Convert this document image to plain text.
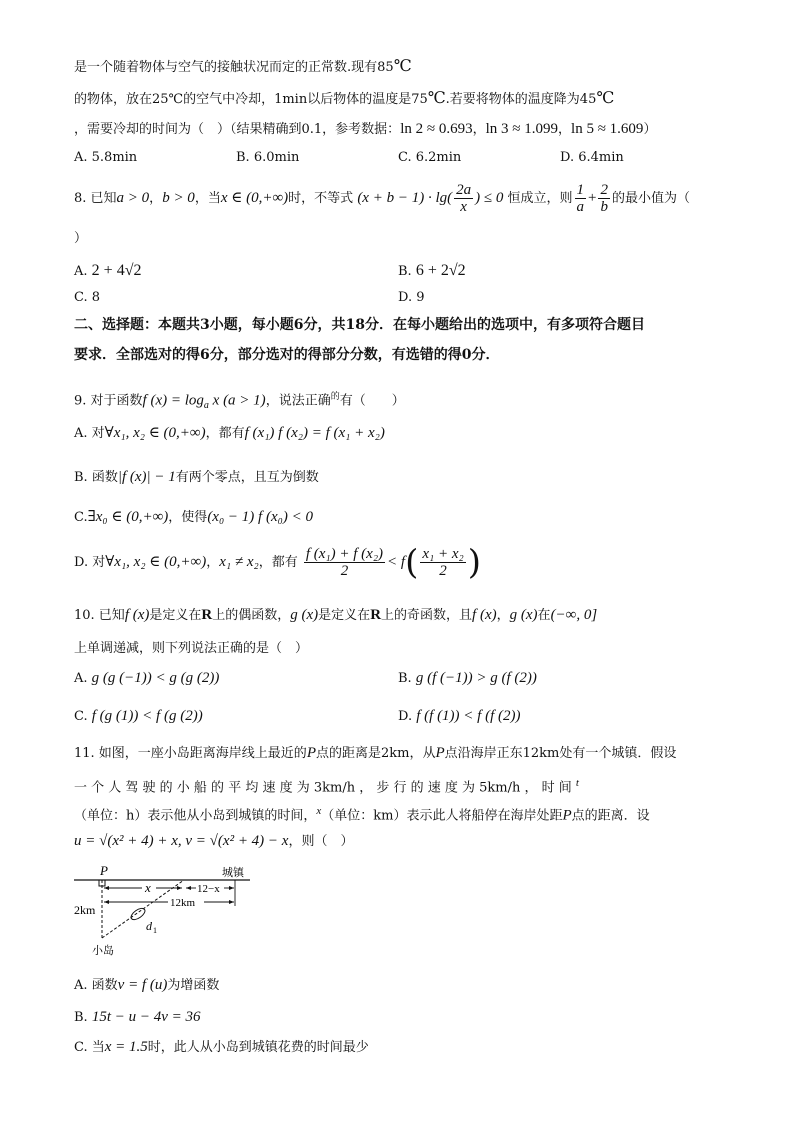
是一个随着物体与空气的接触状况而定的正常数.现有85℃
的物体，放在25℃的空气中冷却，1min以后物体的温度是75℃.若要将物体的温度降为45℃
，需要冷却的时间为（　）（结果精确到0.1，参考数据：ln 2 ≈ 0.693，ln 3 ≈ 1.099，ln 5 ≈ 1.609）
A. 5.8min	B. 6.0min	C. 6.2min	D. 6.4min
8. 已知a > 0，b > 0，当x ∈ (0,+∞)时，不等式 $(x + b - 1) \cdot \lg( \frac{2a}{x}$ ) ≤ 0 恒成立，则 $\frac{1}{a} + \frac{2}{b}$ 的最小值为（
）
A. 2 + 4√2	B. 6 + 2√2
C. 8	D. 9
二、选择题：本题共3小题，每小题6分，共18分．在每小题给出的选项中，有多项符合题目
要求．全部选对的得6分，部分选对的得部分分数，有选错的得0分．
9. 对于函数f $(x) = \log_a x$ (a > 1)，说法正确$^的$有（　　）
A. 对∀x₁, x₂ ∈ (0,+∞)，都有f (x₁) f (x₂) = f (x₁ + x₂)
B. 函数|f (x)| − 1有两个零点，且互为倒数
C.∃x₀ ∈ (0,+∞)，使得(x₀ − 1) f (x₀) < 0
D. 对∀x₁, x₂ ∈ (0,+∞)，x₁ ≠ x₂，都有 $\frac{\text{f (x₁) + f (x₂)}}{2} < f( \frac{\text{x₁ + x₂}}{2}$ )
10. 已知f (x)是定义在R上的偶函数，g (x)是定义在R上的奇函数，且f (x)，g (x)在(−∞, 0]
上单调递减，则下列说法正确的是（　）
A. g (g (−1)) < g (g (2))	B. g (f (−1)) > g (f (2))
C. f (g (1)) < f (g (2))	D. f (f (1)) < f (f (2))
11. 如图，一座小岛距离海岸线上最近的P点的距离是2km，从P点沿海岸正东12km处有一个城镇．假设
一 个 人 驾 驶 的 小 船 的 平 均 速 度 为 3km/h ， 步 行 的 速 度 为 5km/h ， 时 间 $^t$
（单位：h）表示他从小岛到城镇的时间，$^x$（单位：km）表示此人将船停在海岸处距P点的距离．设
u = √(x² + 4) + x, v = √(x² + 4) − x，则（　）
P	城镇
x	12−x
12km
2km
d 1
小岛
A. 函数v = f (u)为增函数
B. 15t − u − 4v = 36
C. 当x = 1.5时，此人从小岛到城镇花费的时间最少
